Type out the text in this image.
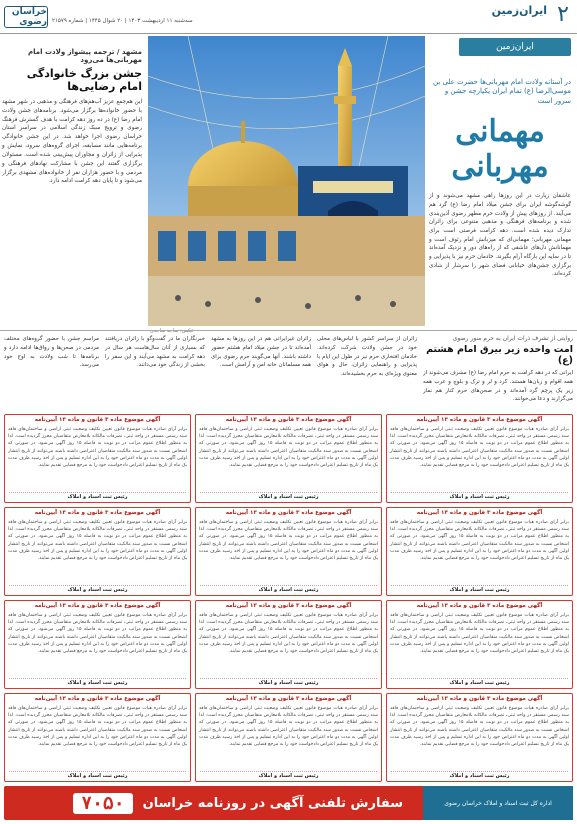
۲
ایران‌زمین
سه‌شنبه ۱۱ اردیبهشت ۱۴۰۳ | ۲۰ شوال ۱۴۴۵ | شماره ۲۱۵۷۹
خراسان رضوی
ایران‌زمین
در آستانه ولادت امام مهربانی‌ها حضرت علی بن موسی‌الرضا (ع) تمام ایران یکپارچه جشن و سرور است
مهمانی مهربانی
عاشقان زیارت در این روزها راهی مشهد می‌شوند و از گوشه‌گوشه ایران برای جشن میلاد امام رضا (ع) گرد هم می‌آیند. از روزهای پیش از ولادت حرم مطهر رضوی آذین‌بندی شده و برنامه‌های فرهنگی و مذهبی متنوعی برای زائران تدارک دیده شده است. دهه کرامت فرصتی است برای مهمانی مهربانی؛ مهمانی‌ای که میزبانش امام رئوف است و مهمانانش دل‌های عاشقی که از راه‌های دور و نزدیک آمده‌اند تا در سایه این بارگاه آرام بگیرند. خادمان حرم نیز با پذیرایی و برگزاری جشن‌های خیابانی فضای شهر را سرشار از شادی کرده‌اند.
عکس: ساجد ساجدی
مشهد / ترجمه پیشواز ولادت امام مهربانی‌ها می‌رود
جشن بزرگ خانوادگی امام رضایی‌ها
این هم‌جمع عزیز آب‌هم‌های فرهنگی و مذهبی در شهر مشهد با حضور خانواده‌ها برگزار می‌شود. برنامه‌های جشن ولادت امام رضا (ع) در ده روز دهه کرامت با هدف گسترش فرهنگ رضوی و ترویج سبک زندگی اسلامی در سراسر استان خراسان رضوی اجرا خواهد شد. در این جشن خانوادگی برنامه‌هایی مانند مسابقه، اجرای گروه‌های سرود، نمایش و پذیرایی از زائران و مجاوران پیش‌بینی شده است. مسئولان برگزاری گفتند این جشن با مشارکت نهادهای فرهنگی و مردمی و با حضور هزاران نفر از خانواده‌های مشهدی برگزار می‌شود و تا پایان دهه کرامت ادامه دارد.
روایتی از تشرف ذرات ایران به حرم منور رضوی
امت واحده زیر بیرق امام هشتم (ع)
ایرانی که در دهه کرامت به حرم امام رضا (ع) مشرف می‌شوند از همه اقوام و زبان‌ها هستند. کرد و لر و ترک و بلوچ و عرب همه زیر یک پرچم گرد آمده‌اند و در صحن‌های حرم کنار هم نماز می‌گزارند و دعا می‌خوانند.
زائران از سراسر کشور با لباس‌های محلی خود در جشن ولادت شرکت کرده‌اند. خادمان افتخاری حرم نیز در طول این ایام با پذیرایی و راهنمایی زائران، حال و هوای معنوی ویژه‌ای به حرم بخشیده‌اند.
زائران غیرایرانی هم در این روزها به مشهد آمده‌اند تا در جشن میلاد امام هشتم حضور داشته باشند. آنها می‌گویند حرم رضوی برای همه مسلمانان خانه امن و آرامش است.
خبرنگاران ما در گفت‌وگو با زائران دریافتند که بسیاری از آنان سال‌هاست هر سال در دهه کرامت به مشهد می‌آیند و این سفر را بخشی از زندگی خود می‌دانند.
مراسم جشن با حضور گروه‌های مختلف مردمی در صحن‌ها و رواق‌ها ادامه دارد و برنامه‌ها تا شب ولادت به اوج خود می‌رسد.
آگهی موضوع ماده ۳ قانون و ماده ۱۳ آیین‌نامه
برابر آرای صادره هیات موضوع قانون تعیین تکلیف وضعیت ثبتی اراضی و ساختمان‌های فاقد سند رسمی مستقر در واحد ثبتی، تصرفات مالکانه بلامعارض متقاضیان محرز گردیده است. لذا به منظور اطلاع عموم مراتب در دو نوبت به فاصله ۱۵ روز آگهی می‌شود. در صورتی که اشخاص نسبت به صدور سند مالکیت متقاضیان اعتراضی داشته باشند می‌توانند از تاریخ انتشار اولین آگهی به مدت دو ماه اعتراض خود را به این اداره تسلیم و پس از اخذ رسید ظرف مدت یک ماه از تاریخ تسلیم اعتراض دادخواست خود را به مرجع قضایی تقدیم نمایند.
رئیس ثبت اسناد و املاک
آگهی موضوع ماده ۳ قانون و ماده ۱۳ آیین‌نامه
برابر آرای صادره هیات موضوع قانون تعیین تکلیف وضعیت ثبتی اراضی و ساختمان‌های فاقد سند رسمی مستقر در واحد ثبتی، تصرفات مالکانه بلامعارض متقاضیان محرز گردیده است. لذا به منظور اطلاع عموم مراتب در دو نوبت به فاصله ۱۵ روز آگهی می‌شود. در صورتی که اشخاص نسبت به صدور سند مالکیت متقاضیان اعتراضی داشته باشند می‌توانند از تاریخ انتشار اولین آگهی به مدت دو ماه اعتراض خود را به این اداره تسلیم و پس از اخذ رسید ظرف مدت یک ماه از تاریخ تسلیم اعتراض دادخواست خود را به مرجع قضایی تقدیم نمایند.
رئیس ثبت اسناد و املاک
آگهی موضوع ماده ۳ قانون و ماده ۱۳ آیین‌نامه
برابر آرای صادره هیات موضوع قانون تعیین تکلیف وضعیت ثبتی اراضی و ساختمان‌های فاقد سند رسمی مستقر در واحد ثبتی، تصرفات مالکانه بلامعارض متقاضیان محرز گردیده است. لذا به منظور اطلاع عموم مراتب در دو نوبت به فاصله ۱۵ روز آگهی می‌شود. در صورتی که اشخاص نسبت به صدور سند مالکیت متقاضیان اعتراضی داشته باشند می‌توانند از تاریخ انتشار اولین آگهی به مدت دو ماه اعتراض خود را به این اداره تسلیم و پس از اخذ رسید ظرف مدت یک ماه از تاریخ تسلیم اعتراض دادخواست خود را به مرجع قضایی تقدیم نمایند.
رئیس ثبت اسناد و املاک
آگهی موضوع ماده ۳ قانون و ماده ۱۳ آیین‌نامه
برابر آرای صادره هیات موضوع قانون تعیین تکلیف وضعیت ثبتی اراضی و ساختمان‌های فاقد سند رسمی مستقر در واحد ثبتی، تصرفات مالکانه بلامعارض متقاضیان محرز گردیده است. لذا به منظور اطلاع عموم مراتب در دو نوبت به فاصله ۱۵ روز آگهی می‌شود. در صورتی که اشخاص نسبت به صدور سند مالکیت متقاضیان اعتراضی داشته باشند می‌توانند از تاریخ انتشار اولین آگهی به مدت دو ماه اعتراض خود را به این اداره تسلیم و پس از اخذ رسید ظرف مدت یک ماه از تاریخ تسلیم اعتراض دادخواست خود را به مرجع قضایی تقدیم نمایند.
رئیس ثبت اسناد و املاک
آگهی موضوع ماده ۳ قانون و ماده ۱۳ آیین‌نامه
برابر آرای صادره هیات موضوع قانون تعیین تکلیف وضعیت ثبتی اراضی و ساختمان‌های فاقد سند رسمی مستقر در واحد ثبتی، تصرفات مالکانه بلامعارض متقاضیان محرز گردیده است. لذا به منظور اطلاع عموم مراتب در دو نوبت به فاصله ۱۵ روز آگهی می‌شود. در صورتی که اشخاص نسبت به صدور سند مالکیت متقاضیان اعتراضی داشته باشند می‌توانند از تاریخ انتشار اولین آگهی به مدت دو ماه اعتراض خود را به این اداره تسلیم و پس از اخذ رسید ظرف مدت یک ماه از تاریخ تسلیم اعتراض دادخواست خود را به مرجع قضایی تقدیم نمایند.
رئیس ثبت اسناد و املاک
آگهی موضوع ماده ۳ قانون و ماده ۱۳ آیین‌نامه
برابر آرای صادره هیات موضوع قانون تعیین تکلیف وضعیت ثبتی اراضی و ساختمان‌های فاقد سند رسمی مستقر در واحد ثبتی، تصرفات مالکانه بلامعارض متقاضیان محرز گردیده است. لذا به منظور اطلاع عموم مراتب در دو نوبت به فاصله ۱۵ روز آگهی می‌شود. در صورتی که اشخاص نسبت به صدور سند مالکیت متقاضیان اعتراضی داشته باشند می‌توانند از تاریخ انتشار اولین آگهی به مدت دو ماه اعتراض خود را به این اداره تسلیم و پس از اخذ رسید ظرف مدت یک ماه از تاریخ تسلیم اعتراض دادخواست خود را به مرجع قضایی تقدیم نمایند.
رئیس ثبت اسناد و املاک
آگهی موضوع ماده ۳ قانون و ماده ۱۳ آیین‌نامه
برابر آرای صادره هیات موضوع قانون تعیین تکلیف وضعیت ثبتی اراضی و ساختمان‌های فاقد سند رسمی مستقر در واحد ثبتی، تصرفات مالکانه بلامعارض متقاضیان محرز گردیده است. لذا به منظور اطلاع عموم مراتب در دو نوبت به فاصله ۱۵ روز آگهی می‌شود. در صورتی که اشخاص نسبت به صدور سند مالکیت متقاضیان اعتراضی داشته باشند می‌توانند از تاریخ انتشار اولین آگهی به مدت دو ماه اعتراض خود را به این اداره تسلیم و پس از اخذ رسید ظرف مدت یک ماه از تاریخ تسلیم اعتراض دادخواست خود را به مرجع قضایی تقدیم نمایند.
رئیس ثبت اسناد و املاک
آگهی موضوع ماده ۳ قانون و ماده ۱۳ آیین‌نامه
برابر آرای صادره هیات موضوع قانون تعیین تکلیف وضعیت ثبتی اراضی و ساختمان‌های فاقد سند رسمی مستقر در واحد ثبتی، تصرفات مالکانه بلامعارض متقاضیان محرز گردیده است. لذا به منظور اطلاع عموم مراتب در دو نوبت به فاصله ۱۵ روز آگهی می‌شود. در صورتی که اشخاص نسبت به صدور سند مالکیت متقاضیان اعتراضی داشته باشند می‌توانند از تاریخ انتشار اولین آگهی به مدت دو ماه اعتراض خود را به این اداره تسلیم و پس از اخذ رسید ظرف مدت یک ماه از تاریخ تسلیم اعتراض دادخواست خود را به مرجع قضایی تقدیم نمایند.
رئیس ثبت اسناد و املاک
آگهی موضوع ماده ۳ قانون و ماده ۱۳ آیین‌نامه
برابر آرای صادره هیات موضوع قانون تعیین تکلیف وضعیت ثبتی اراضی و ساختمان‌های فاقد سند رسمی مستقر در واحد ثبتی، تصرفات مالکانه بلامعارض متقاضیان محرز گردیده است. لذا به منظور اطلاع عموم مراتب در دو نوبت به فاصله ۱۵ روز آگهی می‌شود. در صورتی که اشخاص نسبت به صدور سند مالکیت متقاضیان اعتراضی داشته باشند می‌توانند از تاریخ انتشار اولین آگهی به مدت دو ماه اعتراض خود را به این اداره تسلیم و پس از اخذ رسید ظرف مدت یک ماه از تاریخ تسلیم اعتراض دادخواست خود را به مرجع قضایی تقدیم نمایند.
رئیس ثبت اسناد و املاک
آگهی موضوع ماده ۳ قانون و ماده ۱۳ آیین‌نامه
برابر آرای صادره هیات موضوع قانون تعیین تکلیف وضعیت ثبتی اراضی و ساختمان‌های فاقد سند رسمی مستقر در واحد ثبتی، تصرفات مالکانه بلامعارض متقاضیان محرز گردیده است. لذا به منظور اطلاع عموم مراتب در دو نوبت به فاصله ۱۵ روز آگهی می‌شود. در صورتی که اشخاص نسبت به صدور سند مالکیت متقاضیان اعتراضی داشته باشند می‌توانند از تاریخ انتشار اولین آگهی به مدت دو ماه اعتراض خود را به این اداره تسلیم و پس از اخذ رسید ظرف مدت یک ماه از تاریخ تسلیم اعتراض دادخواست خود را به مرجع قضایی تقدیم نمایند.
رئیس ثبت اسناد و املاک
آگهی موضوع ماده ۳ قانون و ماده ۱۳ آیین‌نامه
برابر آرای صادره هیات موضوع قانون تعیین تکلیف وضعیت ثبتی اراضی و ساختمان‌های فاقد سند رسمی مستقر در واحد ثبتی، تصرفات مالکانه بلامعارض متقاضیان محرز گردیده است. لذا به منظور اطلاع عموم مراتب در دو نوبت به فاصله ۱۵ روز آگهی می‌شود. در صورتی که اشخاص نسبت به صدور سند مالکیت متقاضیان اعتراضی داشته باشند می‌توانند از تاریخ انتشار اولین آگهی به مدت دو ماه اعتراض خود را به این اداره تسلیم و پس از اخذ رسید ظرف مدت یک ماه از تاریخ تسلیم اعتراض دادخواست خود را به مرجع قضایی تقدیم نمایند.
رئیس ثبت اسناد و املاک
آگهی موضوع ماده ۳ قانون و ماده ۱۳ آیین‌نامه
برابر آرای صادره هیات موضوع قانون تعیین تکلیف وضعیت ثبتی اراضی و ساختمان‌های فاقد سند رسمی مستقر در واحد ثبتی، تصرفات مالکانه بلامعارض متقاضیان محرز گردیده است. لذا به منظور اطلاع عموم مراتب در دو نوبت به فاصله ۱۵ روز آگهی می‌شود. در صورتی که اشخاص نسبت به صدور سند مالکیت متقاضیان اعتراضی داشته باشند می‌توانند از تاریخ انتشار اولین آگهی به مدت دو ماه اعتراض خود را به این اداره تسلیم و پس از اخذ رسید ظرف مدت یک ماه از تاریخ تسلیم اعتراض دادخواست خود را به مرجع قضایی تقدیم نمایند.
رئیس ثبت اسناد و املاک
اداره کل ثبت اسناد و املاک خراسان رضوی
سفارش تلفنی آگهی در روزنامه خراسان
۷۰۵۰
